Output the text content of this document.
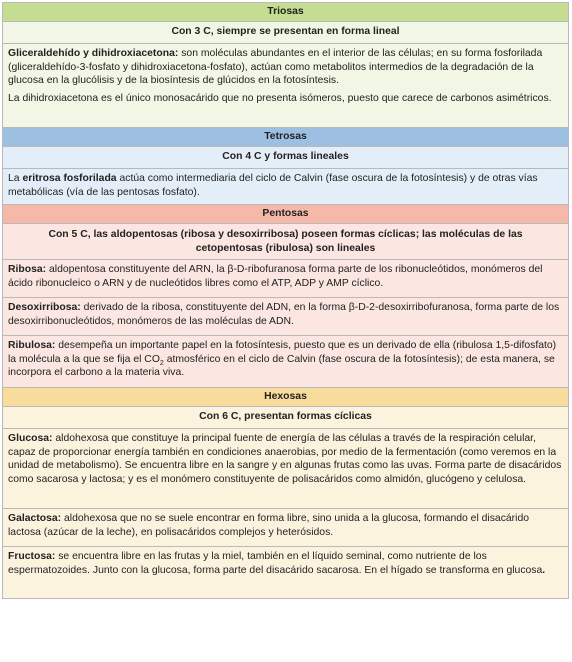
Triosas
Con 3 C, siempre se presentan en forma lineal

Gliceraldehído y dihidroxiacetona: son moléculas abundantes en el interior de las células; en su forma fosforilada (gliceraldehído-3-fosfato y dihidroxiacetona-fosfato), actúan como metabolitos intermedios de la degradación de la glucosa en la glucólisis y de la biosíntesis de glúcidos en la fotosíntesis.

La dihidroxiacetona es el único monosacárido que no presenta isómeros, puesto que carece de carbonos asimétricos.

Tetrosas
Con 4 C y formas lineales

La eritrosa fosforilada actúa como intermediaria del ciclo de Calvin (fase oscura de la fotosíntesis) y de otras vías metabólicas (vía de las pentosas fosfato).

Pentosas
Con 5 C, las aldopentosas (ribosa y desoxirribosa) poseen formas cíclicas; las moléculas de las cetopentosas (ribulosa) son lineales

Ribosa: aldopentosa constituyente del ARN, la β-D-ribofuranosa forma parte de los ribonucleótidos, monómeros del ácido ribonucleico o ARN y de nucleótidos libres como el ATP, ADP y AMP cíclico.

Desoxirribosa: derivado de la ribosa, constituyente del ADN, en la forma β-D-2-desoxirribofuranosa, forma parte de los desoxirribonucleótidos, monómeros de las moléculas de ADN.

Ribulosa: desempeña un importante papel en la fotosíntesis, puesto que es un derivado de ella (ribulosa 1,5-difosfato) la molécula a la que se fija el $CO_2$ atmosférico en el ciclo de Calvin (fase oscura de la fotosíntesis); de esta manera, se incorpora el carbono a la materia viva.

Hexosas
Con 6 C, presentan formas cíclicas

Glucosa: aldohexosa que constituye la principal fuente de energía de las células a través de la respiración celular, capaz de proporcionar energía también en condiciones anaerobias, por medio de la fermentación (como veremos en la unidad de metabolismo). Se encuentra libre en la sangre y en algunas frutas como las uvas. Forma parte de disacáridos como sacarosa y lactosa; y es el monómero constituyente de polisacáridos como almidón, glucógeno y celulosa.

Galactosa: aldohexosa que no se suele encontrar en forma libre, sino unida a la glucosa, formando el disacárido lactosa (azúcar de la leche), en polisacáridos complejos y heterósidos.

Fructosa: se encuentra libre en las frutas y la miel, también en el líquido seminal, como nutriente de los espermatozoides. Junto con la glucosa, forma parte del disacárido sacarosa. En el hígado se transforma en glucosa.
